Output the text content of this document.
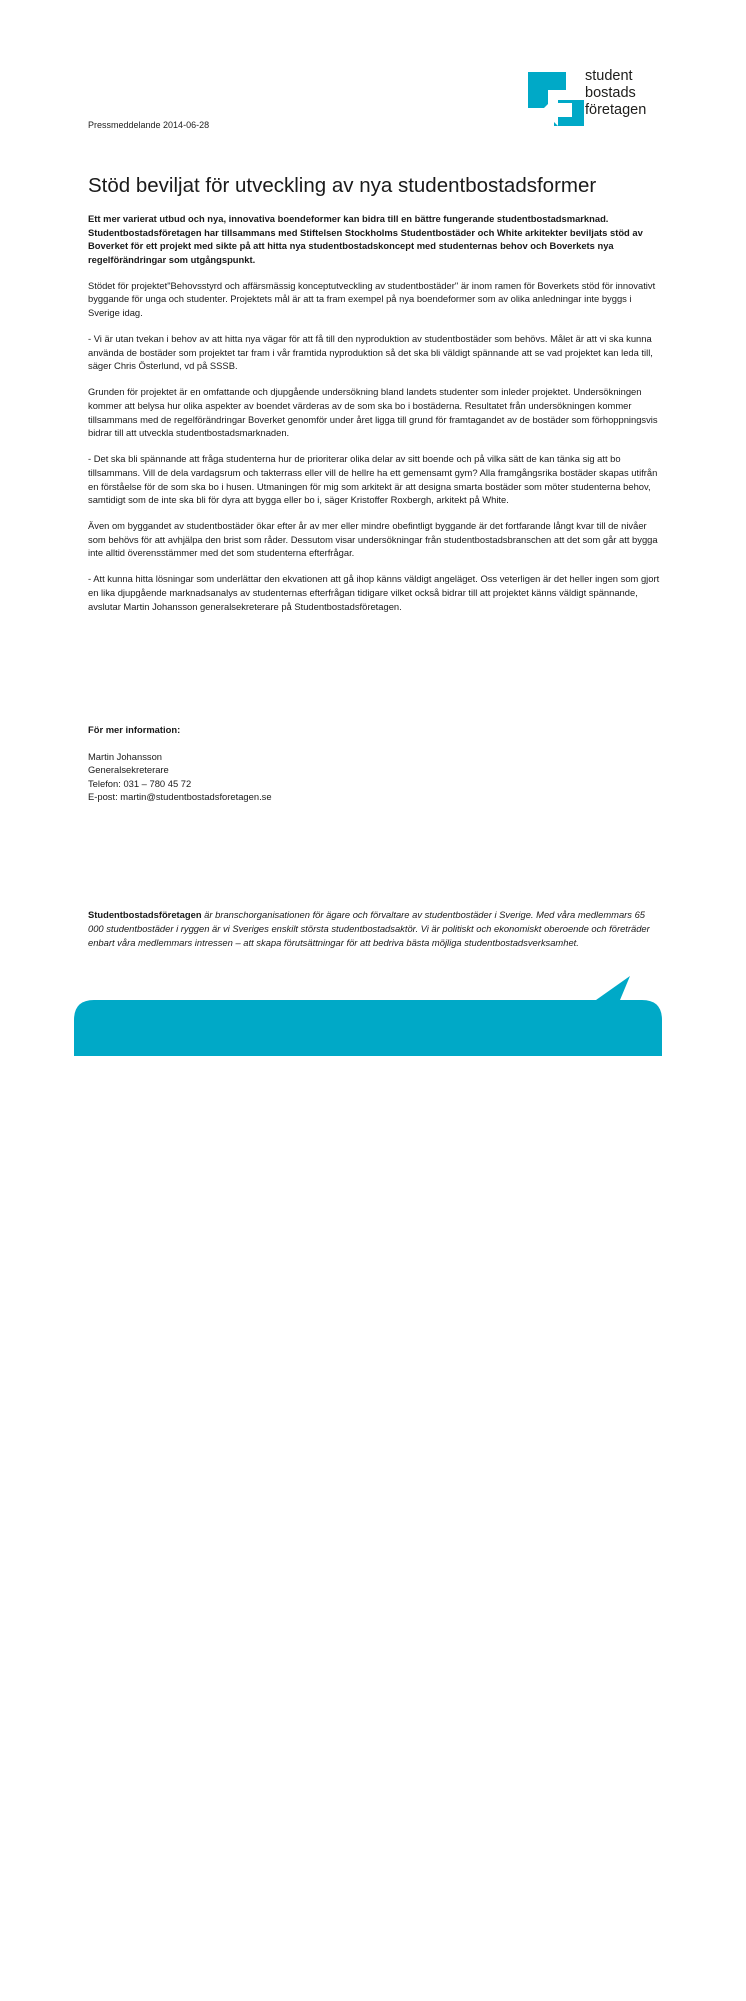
student
bostads
företagen
Pressmeddelande 2014-06-28
Stöd beviljat för utveckling av nya studentbostadsformer

Ett mer varierat utbud och nya, innovativa boendeformer kan bidra till en bättre fungerande studentbostadsmarknad. Studentbostadsföretagen har tillsammans med Stiftelsen Stockholms Studentbostäder och White arkitekter beviljats stöd av Boverket för ett projekt med sikte på att hitta nya studentbostadskoncept med studenternas behov och Boverkets nya regelförändringar som utgångspunkt.

Stödet för projektet"Behovsstyrd och affärsmässig konceptutveckling av studentbostäder" är inom ramen för Boverkets stöd för innovativt byggande för unga och studenter. Projektets mål är att ta fram exempel på nya boendeformer som av olika anledningar inte byggs i Sverige idag.

- Vi är utan tvekan i behov av att hitta nya vägar för att få till den nyproduktion av studentbostäder som behövs. Målet är att vi ska kunna använda de bostäder som projektet tar fram i vår framtida nyproduktion så det ska bli väldigt spännande att se vad projektet kan leda till, säger Chris Österlund, vd på SSSB.

Grunden för projektet är en omfattande och djupgående undersökning bland landets studenter som inleder projektet. Undersökningen kommer att belysa hur olika aspekter av boendet värderas av de som ska bo i bostäderna. Resultatet från undersökningen kommer tillsammans med de regelförändringar Boverket genomför under året ligga till grund för framtagandet av de bostäder som förhoppningsvis bidrar till att utveckla studentbostadsmarknaden.

- Det ska bli spännande att fråga studenterna hur de prioriterar olika delar av sitt boende och på vilka sätt de kan tänka sig att bo tillsammans. Vill de dela vardagsrum och takterrass eller vill de hellre ha ett gemensamt gym? Alla framgångsrika bostäder skapas utifrån en förståelse för de som ska bo i husen. Utmaningen för mig som arkitekt är att designa smarta bostäder som möter studenterna behov, samtidigt som de inte ska bli för dyra att bygga eller bo i, säger Kristoffer Roxbergh, arkitekt på White.

Även om byggandet av studentbostäder ökar efter år av mer eller mindre obefintligt byggande är det fortfarande långt kvar till de nivåer som behövs för att avhjälpa den brist som råder. Dessutom visar undersökningar från studentbostadsbranschen att det som går att bygga inte alltid överensstämmer med det som studenterna efterfrågar.

- Att kunna hitta lösningar som underlättar den ekvationen att gå ihop känns väldigt angeläget. Oss veterligen är det heller ingen som gjort en lika djupgående marknadsanalys av studenternas efterfrågan tidigare vilket också bidrar till att projektet känns väldigt spännande, avslutar Martin Johansson generalsekreterare på Studentbostadsföretagen.

För mer information:
Martin Johansson
Generalsekreterare
Telefon: 031 – 780 45 72
E-post: martin@studentbostadsforetagen.se
Studentbostadsföretagen är branschorganisationen för ägare och förvaltare av studentbostäder i Sverige. Med våra medlemmars 65 000 studentbostäder i ryggen är vi Sveriges enskilt största studentbostadsaktör. Vi är politiskt och ekonomiskt oberoende och företräder enbart våra medlemmars intressen – att skapa förutsättningar för att bedriva bästa möjliga studentbostadsverksamhet.
Studentbostadsföretagen Kaserntorget 11 411 18 Göteborg T 031-780 45 70 F 031-333 63 51 www.studentbostadsforetagen .se
